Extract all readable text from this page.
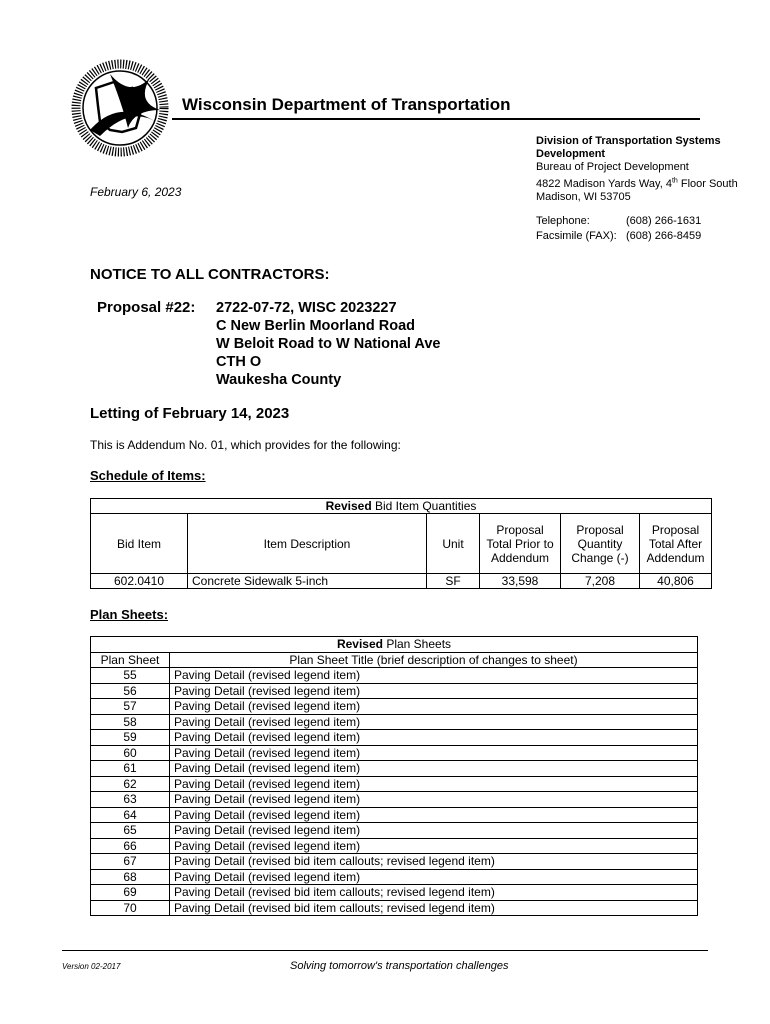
Wisconsin Department of Transportation
Division of Transportation Systems
Development
Bureau of Project Development
4822 Madison Yards Way, 4th Floor South
Madison, WI 53705
February 6, 2023
Telephone:	(608) 266-1631
Facsimile (FAX): (608) 266-8459
NOTICE TO ALL CONTRACTORS:
Proposal #22: 2722-07-72, WISC 2023227
C New Berlin Moorland Road
W Beloit Road to W National Ave
CTH O
Waukesha County
Letting of February 14, 2023
This is Addendum No. 01, which provides for the following:
Schedule of Items:
Revised Bid Item Quantities					
Bid Item	Item Description	Unit	Proposal Total Prior to Addendum	Proposal Quantity Change (-)	Proposal Total After Addendum
602.0410	Concrete Sidewalk 5-inch	SF	33,598	7,208	40,806
Plan Sheets:
Revised Plan Sheets	
Plan Sheet	Plan Sheet Title (brief description of changes to sheet)
55	Paving Detail (revised legend item)
56	Paving Detail (revised legend item)
57	Paving Detail (revised legend item)
58	Paving Detail (revised legend item)
59	Paving Detail (revised legend item)
60	Paving Detail (revised legend item)
61	Paving Detail (revised legend item)
62	Paving Detail (revised legend item)
63	Paving Detail (revised legend item)
64	Paving Detail (revised legend item)
65	Paving Detail (revised legend item)
66	Paving Detail (revised legend item)
67	Paving Detail (revised bid item callouts; revised legend item)
68	Paving Detail (revised legend item)
69	Paving Detail (revised bid item callouts; revised legend item)
70	Paving Detail (revised bid item callouts; revised legend item)
Version 02-2017	Solving tomorrow's transportation challenges
